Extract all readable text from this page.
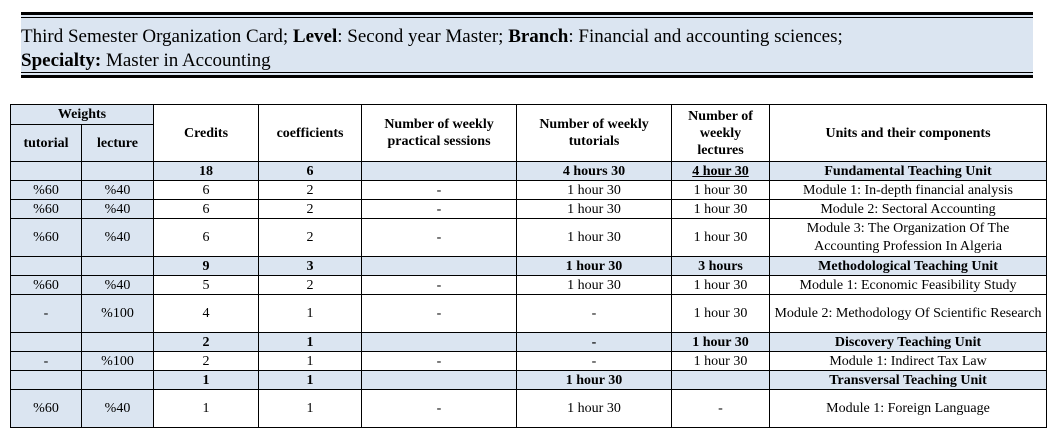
Third Semester Organization Card; Level: Second year Master; Branch: Financial and accounting sciences;
Specialty: Master in Accounting
Weights		Credits	coefficients	Number of weekly practical sessions	Number of weekly tutorials	Number of weekly lectures	Units and their components
tutorial	lecture						
		18	6		4 hours 30	4 hour 30	Fundamental Teaching Unit
%60	%40	6	2	-	1 hour 30	1 hour 30	Module 1: In-depth financial analysis
%60	%40	6	2	-	1 hour 30	1 hour 30	Module 2: Sectoral Accounting
%60	%40	6	2	-	1 hour 30	1 hour 30	Module 3: The Organization Of The Accounting Profession In Algeria
		9	3		1 hour 30	3 hours	Methodological Teaching Unit
%60	%40	5	2	-	1 hour 30	1 hour 30	Module 1: Economic Feasibility Study
-	%100	4	1	-	-	1 hour 30	Module 2: Methodology Of Scientific Research
		2	1		-	1 hour 30	Discovery Teaching Unit
-	%100	2	1	-	-	1 hour 30	Module 1: Indirect Tax Law
		1	1		1 hour 30		Transversal Teaching Unit
%60	%40	1	1	-	1 hour 30	-	Module 1: Foreign Language
